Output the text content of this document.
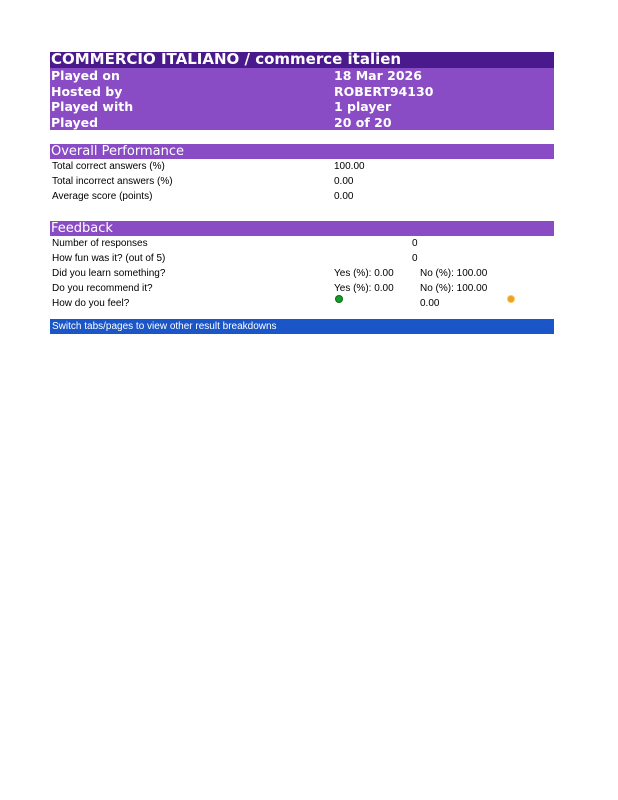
COMMERCIO ITALIANO / commerce italien
Played on	18 Mar 2026
Hosted by	ROBERT94130
Played with	1 player
Played	20 of 20
Overall Performance
Total correct answers (%)	100.00
Total incorrect answers (%)	0.00
Average score (points)	0.00
Feedback
Number of responses	0
How fun was it? (out of 5)	0
Did you learn something?	Yes (%): 0.00	No (%): 100.00
Do you recommend it?	Yes (%): 0.00	No (%): 100.00
How do you feel?	0.00
Switch tabs/pages to view other result breakdowns
